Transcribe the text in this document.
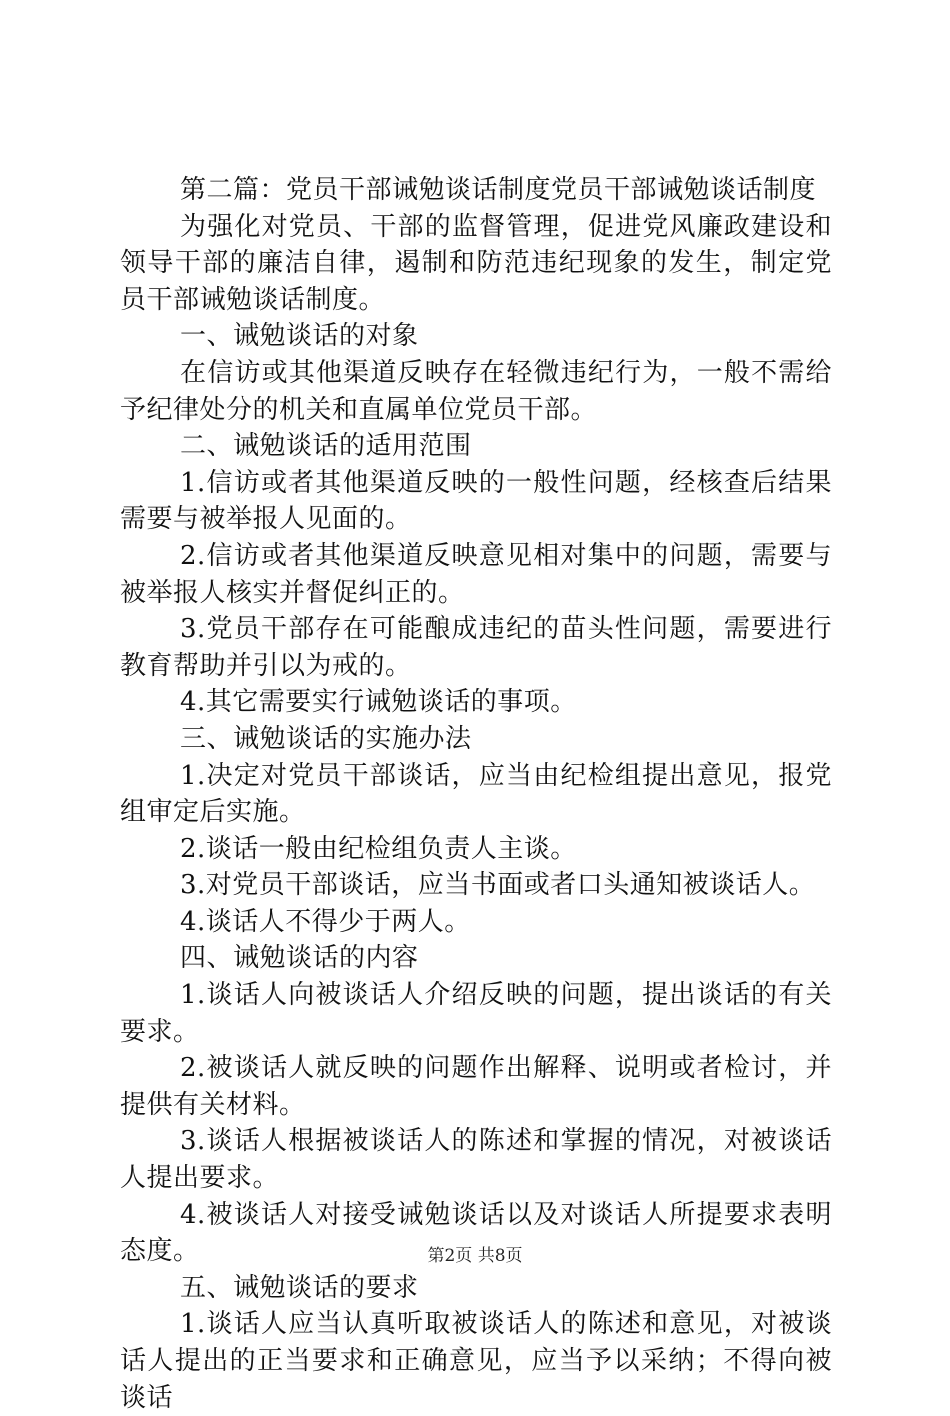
第二篇：党员干部诫勉谈话制度党员干部诫勉谈话制度

为强化对党员、干部的监督管理，促进党风廉政建设和领导干部的廉洁自律，遏制和防范违纪现象的发生，制定党员干部诫勉谈话制度。

一、诫勉谈话的对象

在信访或其他渠道反映存在轻微违纪行为，一般不需给予纪律处分的机关和直属单位党员干部。

二、诫勉谈话的适用范围

1.信访或者其他渠道反映的一般性问题，经核查后结果需要与被举报人见面的。

2.信访或者其他渠道反映意见相对集中的问题，需要与被举报人核实并督促纠正的。

3.党员干部存在可能酿成违纪的苗头性问题，需要进行教育帮助并引以为戒的。

4.其它需要实行诫勉谈话的事项。

三、诫勉谈话的实施办法

1.决定对党员干部谈话，应当由纪检组提出意见，报党组审定后实施。

2.谈话一般由纪检组负责人主谈。

3.对党员干部谈话，应当书面或者口头通知被谈话人。

4.谈话人不得少于两人。

四、诫勉谈话的内容

1.谈话人向被谈话人介绍反映的问题，提出谈话的有关要求。

2.被谈话人就反映的问题作出解释、说明或者检讨，并提供有关材料。

3.谈话人根据被谈话人的陈述和掌握的情况，对被谈话人提出要求。

4.被谈话人对接受诫勉谈话以及对谈话人所提要求表明态度。

五、诫勉谈话的要求

1.谈话人应当认真听取被谈话人的陈述和意见，对被谈话人提出的正当要求和正确意见，应当予以采纳；不得向被谈话

第2页 共8页
